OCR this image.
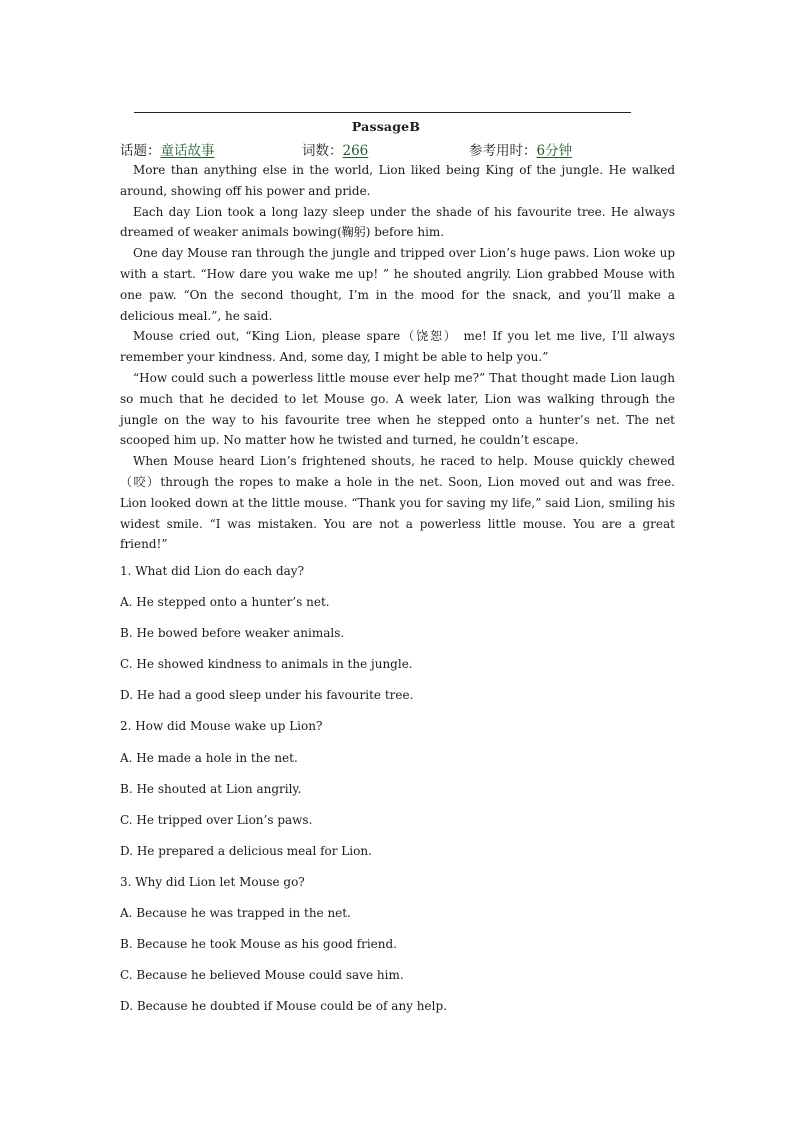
PassageB
话题：童话故事	词数：266	参考用时：6分钟

More than anything else in the world, Lion liked being King of the jungle. He walked around, showing off his power and pride.

Each day Lion took a long lazy sleep under the shade of his favourite tree. He always dreamed of weaker animals bowing(鞠躬) before him.

One day Mouse ran through the jungle and tripped over Lion’s huge paws. Lion woke up with a start. “How dare you wake me up! ” he shouted angrily. Lion grabbed Mouse with one paw. “On the second thought, I’m in the mood for the snack, and you’ll make a delicious meal.”, he said.

Mouse cried out, “King Lion, please spare（饶恕） me! If you let me live, I’ll always remember your kindness. And, some day, I might be able to help you.”

“How could such a powerless little mouse ever help me?” That thought made Lion laugh so much that he decided to let Mouse go. A week later, Lion was walking through the jungle on the way to his favourite tree when he stepped onto a hunter’s net. The net scooped him up. No matter how he twisted and turned, he couldn’t escape.

When Mouse heard Lion’s frightened shouts, he raced to help. Mouse quickly chewed（咬）through the ropes to make a hole in the net. Soon, Lion moved out and was free. Lion looked down at the little mouse. “Thank you for saving my life,” said Lion, smiling his widest smile. “I was mistaken. You are not a powerless little mouse. You are a great friend!”

1. What did Lion do each day?
A. He stepped onto a hunter’s net.
B. He bowed before weaker animals.
C. He showed kindness to animals in the jungle.
D. He had a good sleep under his favourite tree.
2. How did Mouse wake up Lion?
A. He made a hole in the net.
B. He shouted at Lion angrily.
C. He tripped over Lion’s paws.
D. He prepared a delicious meal for Lion.
3. Why did Lion let Mouse go?
A. Because he was trapped in the net.
B. Because he took Mouse as his good friend.
C. Because he believed Mouse could save him.
D. Because he doubted if Mouse could be of any help.
